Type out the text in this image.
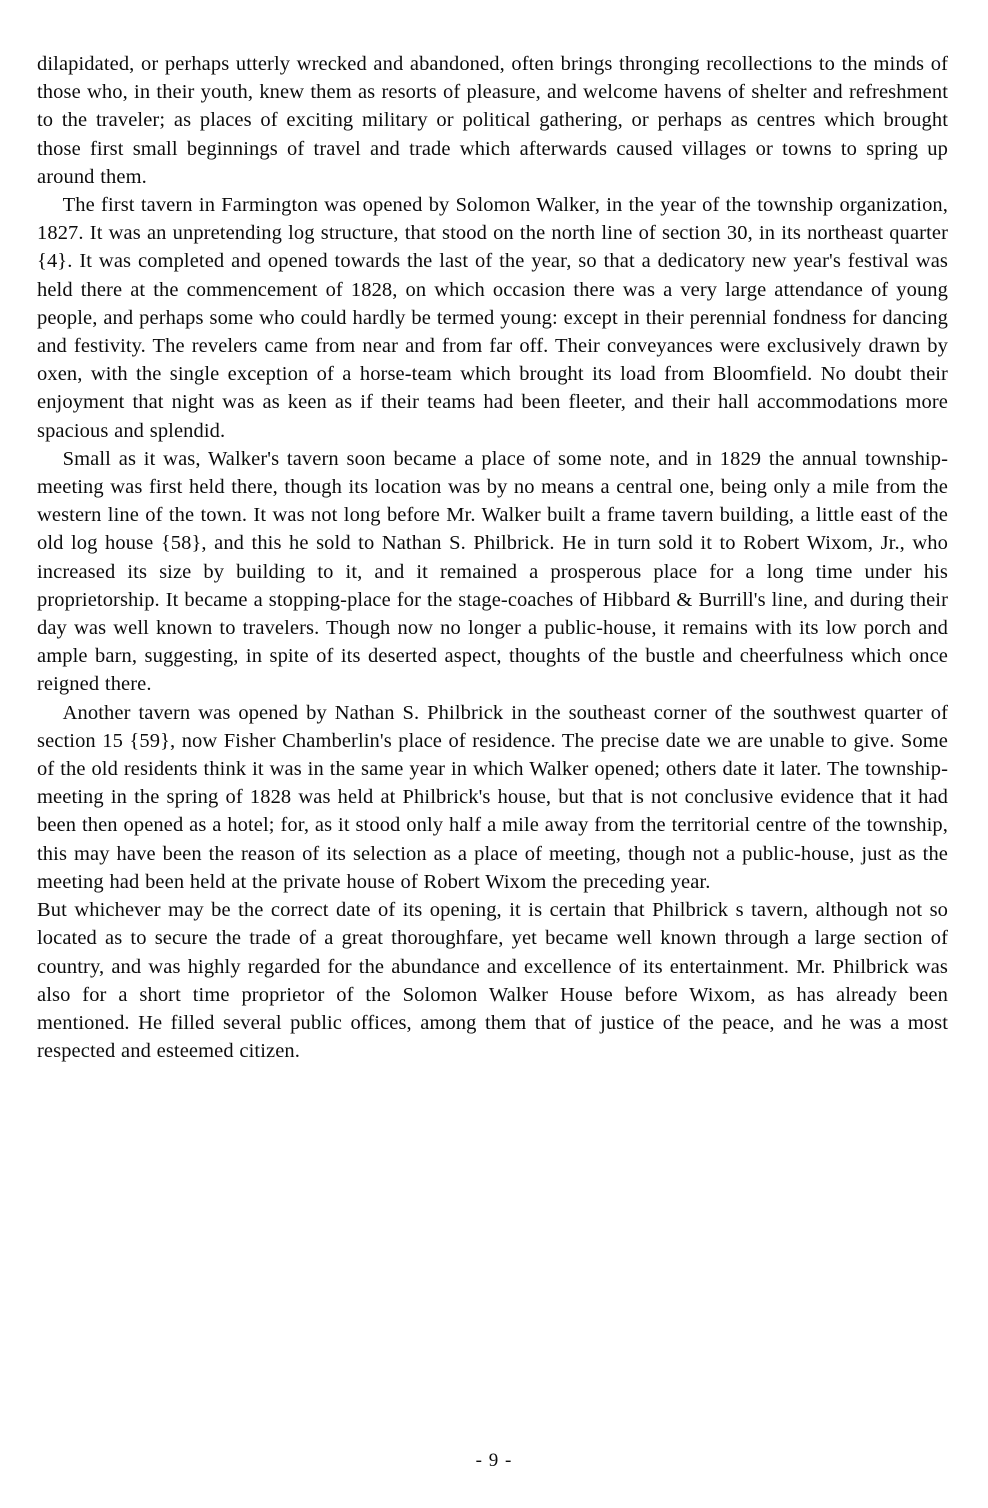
dilapidated, or perhaps utterly wrecked and abandoned, often brings thronging recollections to the minds of those who, in their youth, knew them as resorts of pleasure, and welcome havens of shelter and refreshment to the traveler; as places of exciting military or political gathering, or perhaps as centres which brought those first small beginnings of travel and trade which afterwards caused villages or towns to spring up around them.

The first tavern in Farmington was opened by Solomon Walker, in the year of the township organization, 1827. It was an unpretending log structure, that stood on the north line of section 30, in its northeast quarter {4}. It was completed and opened towards the last of the year, so that a dedicatory new year's festival was held there at the commencement of 1828, on which occasion there was a very large attendance of young people, and perhaps some who could hardly be termed young: except in their perennial fondness for dancing and festivity. The revelers came from near and from far off. Their conveyances were exclusively drawn by oxen, with the single exception of a horse-team which brought its load from Bloomfield. No doubt their enjoyment that night was as keen as if their teams had been fleeter, and their hall accommodations more spacious and splendid.

Small as it was, Walker's tavern soon became a place of some note, and in 1829 the annual township-meeting was first held there, though its location was by no means a central one, being only a mile from the western line of the town. It was not long before Mr. Walker built a frame tavern building, a little east of the old log house {58}, and this he sold to Nathan S. Philbrick. He in turn sold it to Robert Wixom, Jr., who increased its size by building to it, and it remained a prosperous place for a long time under his proprietorship. It became a stopping-place for the stage-coaches of Hibbard & Burrill's line, and during their day was well known to travelers. Though now no longer a public-house, it remains with its low porch and ample barn, suggesting, in spite of its deserted aspect, thoughts of the bustle and cheerfulness which once reigned there.

Another tavern was opened by Nathan S. Philbrick in the southeast corner of the southwest quarter of section 15 {59}, now Fisher Chamberlin's place of residence. The precise date we are unable to give. Some of the old residents think it was in the same year in which Walker opened; others date it later. The township-meeting in the spring of 1828 was held at Philbrick's house, but that is not conclusive evidence that it had been then opened as a hotel; for, as it stood only half a mile away from the territorial centre of the township, this may have been the reason of its selection as a place of meeting, though not a public-house, just as the meeting had been held at the private house of Robert Wixom the preceding year.

But whichever may be the correct date of its opening, it is certain that Philbrick s tavern, although not so located as to secure the trade of a great thoroughfare, yet became well known through a large section of country, and was highly regarded for the abundance and excellence of its entertainment. Mr. Philbrick was also for a short time proprietor of the Solomon Walker House before Wixom, as has already been mentioned. He filled several public offices, among them that of justice of the peace, and he was a most respected and esteemed citizen.

- 9 -
